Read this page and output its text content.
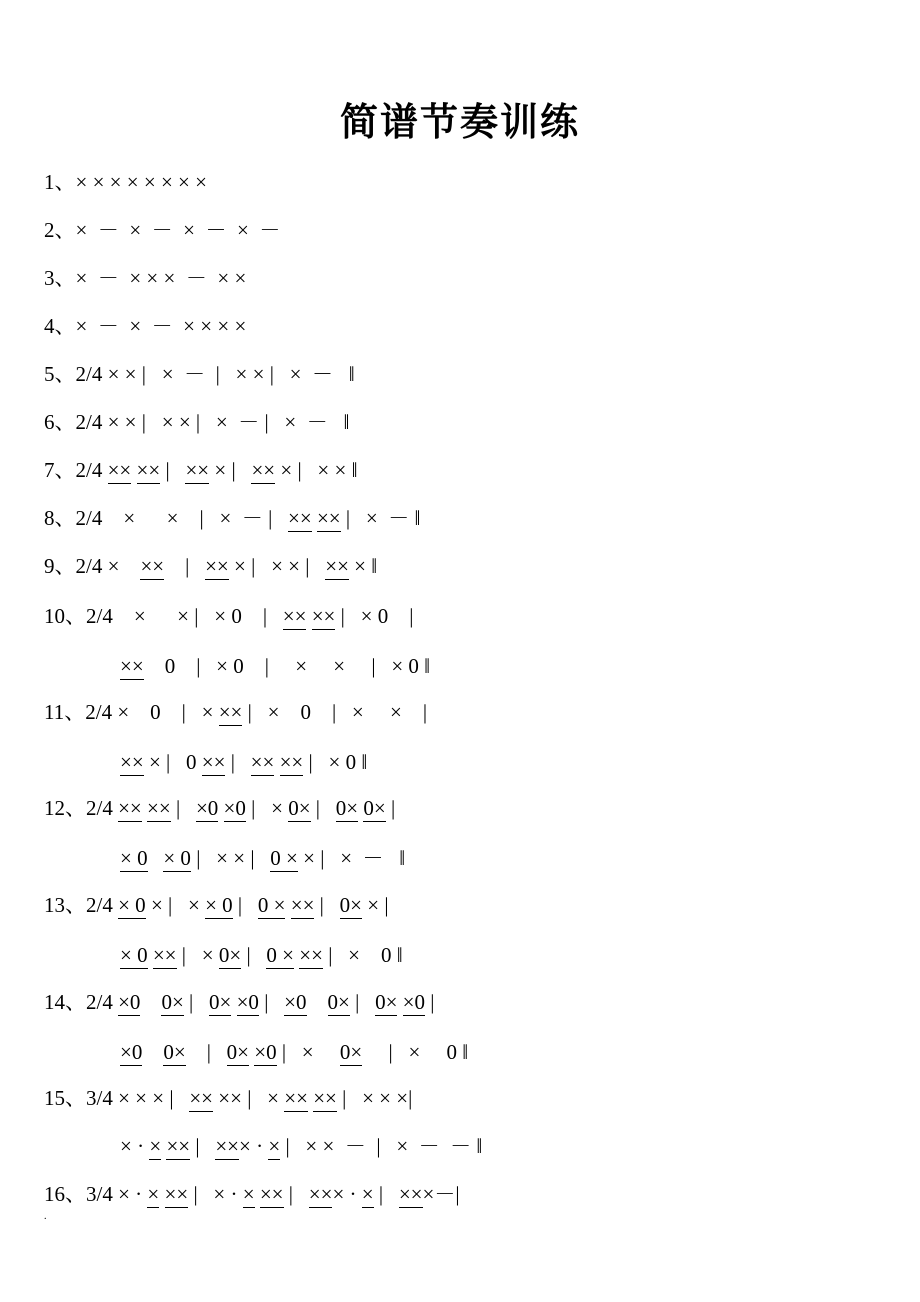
简谱节奏训练
1、× × × × × × × ×
2、×  －  ×  －  ×  －  ×  －
3、×  －  × × ×  －  × ×
4、×  －  ×  －  × × × ×
5、2/4 × × |   ×  －  |   × × |   ×  －   ‖
6、2/4 × × |   × × |   ×  － |   ×  －   ‖
7、2/4 ×× ×× |   ×× × |   ×× × |   × × ‖
8、2/4    ×      ×    |   ×  － |   ×× ×× |   ×  － ‖
9、2/4 ×    ××    |   ×× × |   × × |   ×× × ‖
10、2/4    ×      × |   × 0    |   ×× ×× |   × 0    |
××    0    |   × 0    |     ×     ×     |   × 0 ‖
11、2/4 ×    0    |   × ×× |   ×    0    |   ×     ×    |
×× × |   0 ×× |   ×× ×× |   × 0 ‖
12、2/4 ×× ×× |   ×0 ×0 |   × 0× |   0× 0× |
× 0 × 0 |   × × |   0 × × |   ×  －   ‖
13、2/4 × 0 × |   × × 0 |   0 × ×× |   0× × |
× 0 ×× |   × 0× |   0 × ×× |   ×    0 ‖
14、2/4 ×0 0× |   0× ×0 |   ×0 0× |   0× ×0 |
×0 0×    |   0× ×0 |   ×     0×     |   ×     0 ‖
15、3/4 × × × |   ×× ×× |   × ×× ×× |   × × ×|
× · × ×× |   ××× · × |   × ×  －  |   ×  －  － ‖
16、3/4 × · × ×× |   × · × ×× |   ××× · × |   ×××－|
.
